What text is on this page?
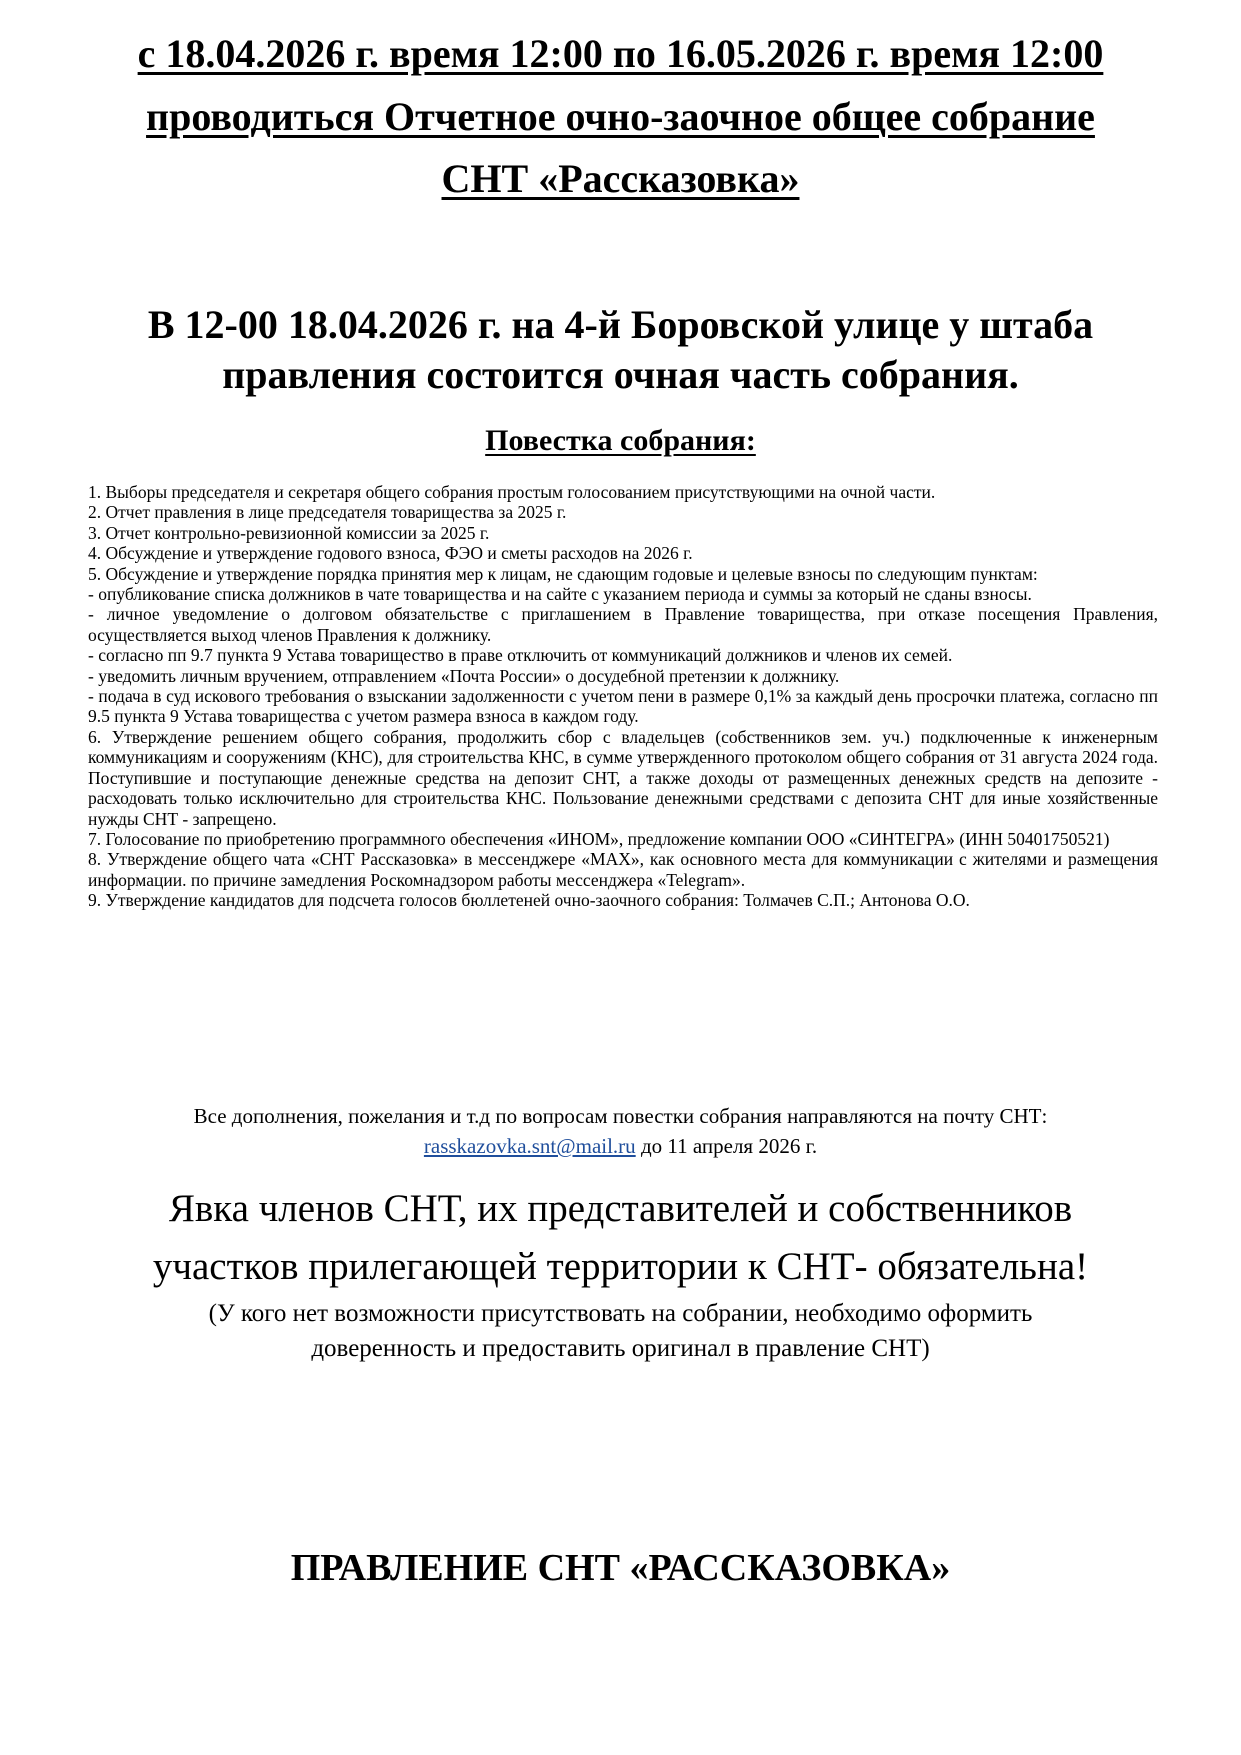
с 18.04.2026 г. время 12:00 по 16.05.2026 г. время 12:00
проводиться Отчетное очно-заочное общее собрание
СНТ «Рассказовка»
В 12-00 18.04.2026 г. на 4-й Боровской улице у штаба
правления состоится очная часть собрания.
Повестка собрания:

1. Выборы председателя и секретаря общего собрания простым голосованием присутствующими на очной части.

2. Отчет правления в лице председателя товарищества за 2025 г.

3. Отчет контрольно-ревизионной комиссии за 2025 г.

4. Обсуждение и утверждение годового взноса, ФЭО и сметы расходов на 2026 г.

5. Обсуждение и утверждение порядка принятия мер к лицам, не сдающим годовые и целевые взносы по следующим пунктам:

- опубликование списка должников в чате товарищества и на сайте с указанием периода и суммы за который не сданы взносы.

- личное уведомление о долговом обязательстве с приглашением в Правление товарищества, при отказе посещения Правления, осуществляется выход членов Правления к должнику.

- согласно пп 9.7 пункта 9 Устава товарищество в праве отключить от коммуникаций должников и членов их семей.

- уведомить личным вручением, отправлением «Почта России» о досудебной претензии к должнику.

- подача в суд искового требования о взыскании задолженности с учетом пени в размере 0,1% за каждый день просрочки платежа, согласно пп 9.5 пункта 9 Устава товарищества с учетом размера взноса в каждом году.

6. Утверждение решением общего собрания, продолжить сбор с владельцев (собственников зем. уч.) подключенные к инженерным коммуникациям и сооружениям (КНС), для строительства КНС, в сумме утвержденного протоколом общего собрания от 31 августа 2024 года. Поступившие и поступающие денежные средства на депозит СНТ, а также доходы от размещенных денежных средств на депозите - расходовать только исключительно для строительства КНС. Пользование денежными средствами с депозита СНТ для иные хозяйственные нужды СНТ - запрещено.

7. Голосование по приобретению программного обеспечения «ИНОМ», предложение компании ООО «СИНТЕГРА» (ИНН 50401750521)

8. Утверждение общего чата «СНТ Рассказовка» в мессенджере «MAX», как основного места для коммуникации с жителями и размещения информации. по причине замедления Роскомнадзором работы мессенджера «Telegram».

9. Утверждение кандидатов для подсчета голосов бюллетеней очно-заочного собрания: Толмачев С.П.; Антонова О.О.

Все дополнения, пожелания и т.д по вопросам повестки собрания направляются на почту СНТ:
rasskazovka.snt@mail.ru до 11 апреля 2026 г.
Явка членов СНТ, их представителей и собственников
участков прилегающей территории к СНТ- обязательна!
(У кого нет возможности присутствовать на собрании, необходимо оформить
доверенность и предоставить оригинал в правление СНТ)
ПРАВЛЕНИЕ СНТ «РАССКАЗОВКА»
